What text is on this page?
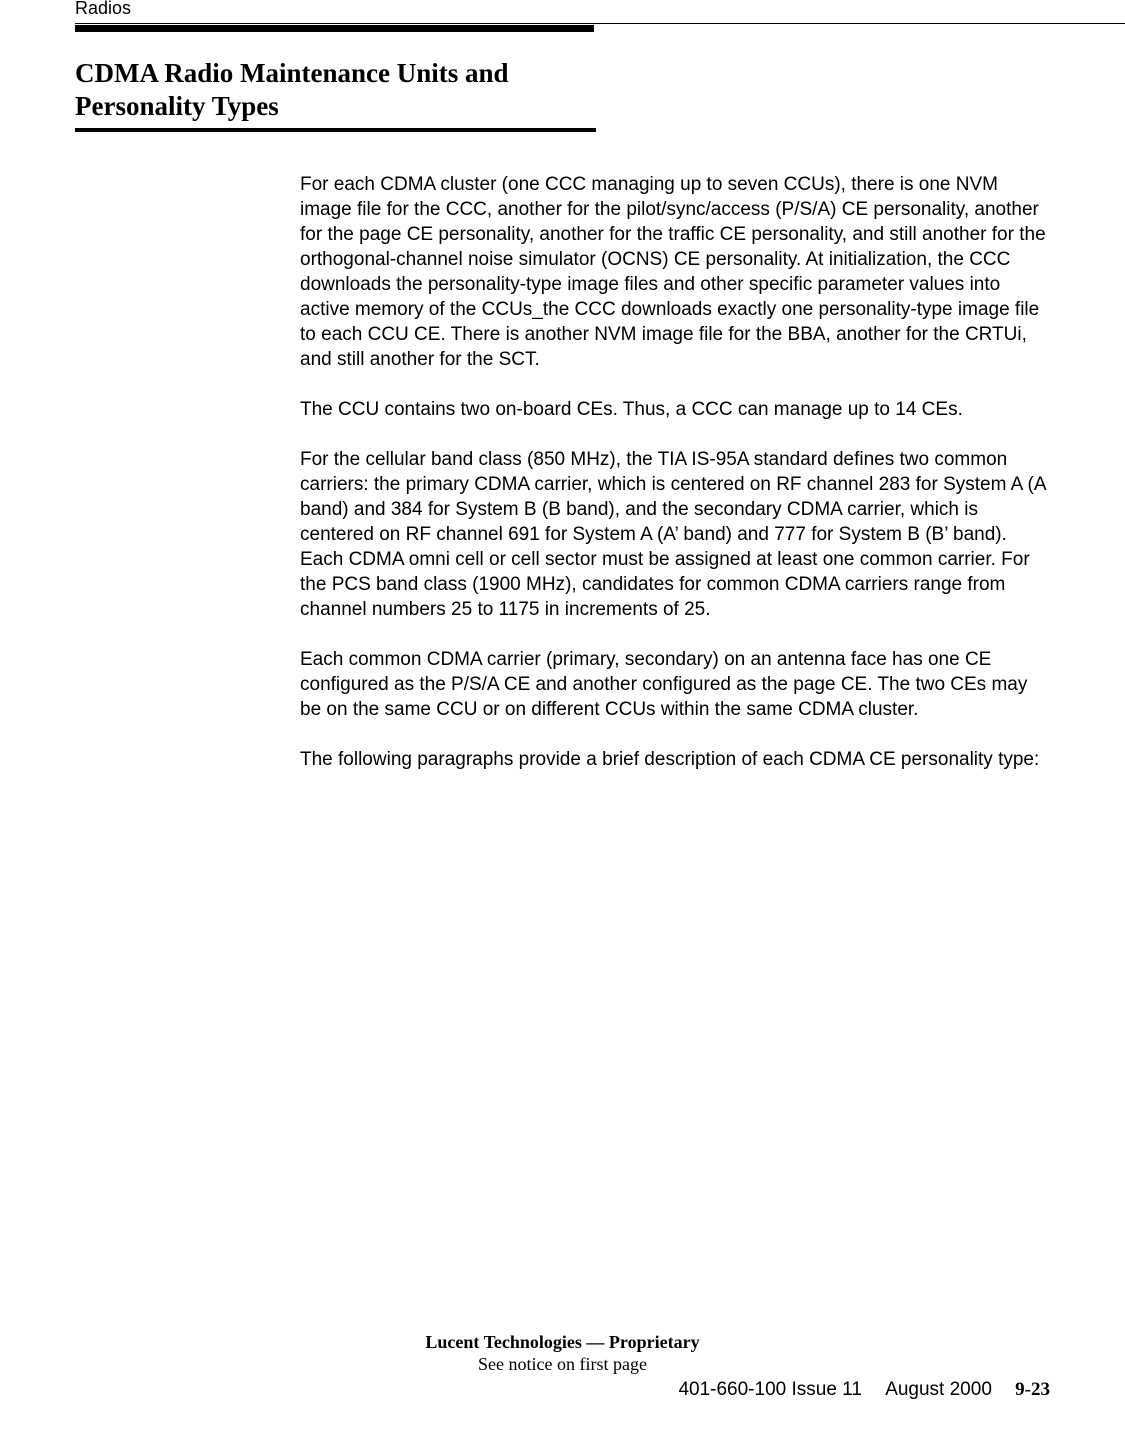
Radios
CDMA Radio Maintenance Units and
Personality Types

For each CDMA cluster (one CCC managing up to seven CCUs), there is one NVM image file for the CCC, another for the pilot/sync/access (P/S/A) CE personality, another for the page CE personality, another for the traffic CE personality, and still another for the orthogonal-channel noise simulator (OCNS) CE personality. At initialization, the CCC downloads the personality-type image files and other specific parameter values into active memory of the CCUs_the CCC downloads exactly one personality-type image file to each CCU CE. There is another NVM image file for the BBA, another for the CRTUi, and still another for the SCT.

The CCU contains two on-board CEs. Thus, a CCC can manage up to 14 CEs.

For the cellular band class (850 MHz), the TIA IS-95A standard defines two common carriers: the primary CDMA carrier, which is centered on RF channel 283 for System A (A band) and 384 for System B (B band), and the secondary CDMA carrier, which is centered on RF channel 691 for System A (A’ band) and 777 for System B (B’ band). Each CDMA omni cell or cell sector must be assigned at least one common carrier. For the PCS band class (1900 MHz), candidates for common CDMA carriers range from channel numbers 25 to 1175 in increments of 25.

Each common CDMA carrier (primary, secondary) on an antenna face has one CE configured as the P/S/A CE and another configured as the page CE. The two CEs may be on the same CCU or on different CCUs within the same CDMA cluster.

The following paragraphs provide a brief description of each CDMA CE personality type:

Lucent Technologies — Proprietary
See notice on first page
401-660-100 Issue 11 August 2000 9-23
